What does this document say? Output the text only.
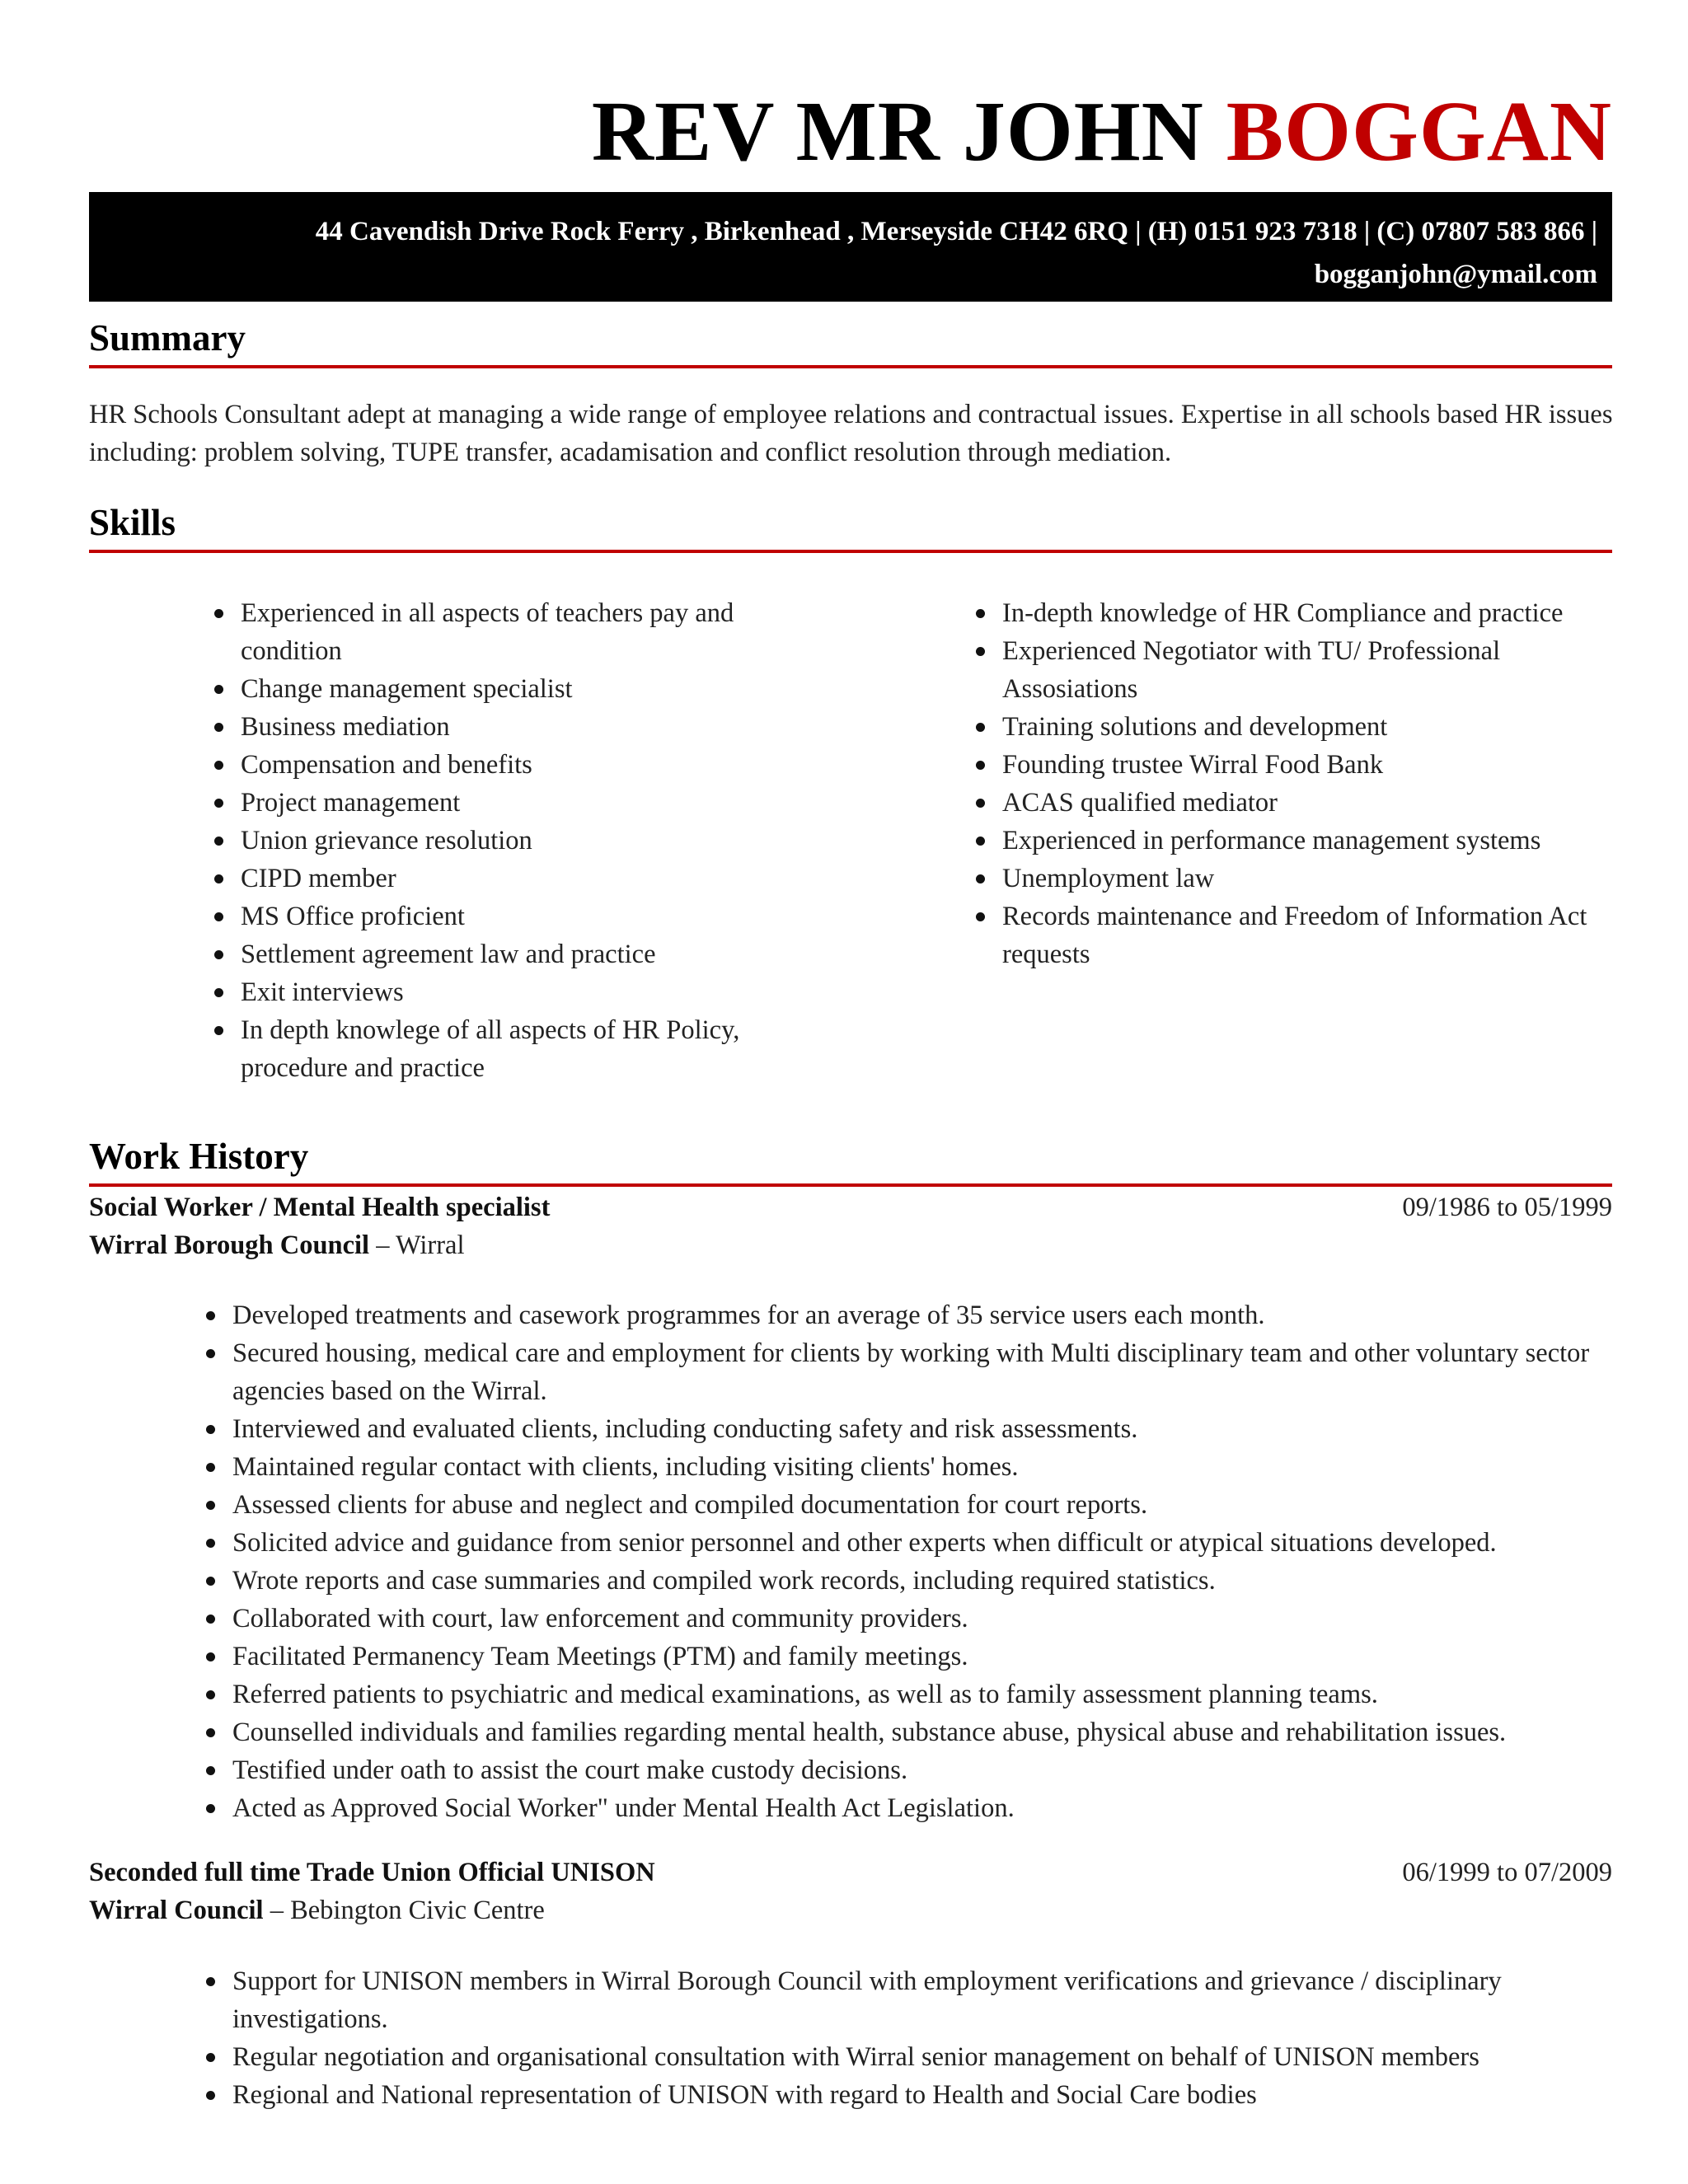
REV MR JOHN BOGGAN
44 Cavendish Drive Rock Ferry , Birkenhead , Merseyside CH42 6RQ | (H) 0151 923 7318 | (C) 07807 583 866 |
bogganjohn@ymail.com
Summary
HR Schools Consultant adept at managing a wide range of employee relations and contractual issues. Expertise in all schools based HR issues including: problem solving, TUPE transfer, acadamisation and conflict resolution through mediation.
Skills
Experienced in all aspects of teachers pay and condition
Change management specialist
Business mediation
Compensation and benefits
Project management
Union grievance resolution
CIPD member
MS Office proficient
Settlement agreement law and practice
Exit interviews
In depth knowlege of all aspects of HR Policy, procedure and practice
In-depth knowledge of HR Compliance and practice
Experienced Negotiator with TU/ Professional Assosiations
Training solutions and development
Founding trustee Wirral Food Bank
ACAS qualified mediator
Experienced in performance management systems
Unemployment law
Records maintenance and Freedom of Information Act requests
Work History
Social Worker / Mental Health specialist	09/1986 to 05/1999
Wirral Borough Council – Wirral
Developed treatments and casework programmes for an average of 35 service users each month.
Secured housing, medical care and employment for clients by working with Multi disciplinary team and other voluntary sector agencies based on the Wirral.
Interviewed and evaluated clients, including conducting safety and risk assessments.
Maintained regular contact with clients, including visiting clients' homes.
Assessed clients for abuse and neglect and compiled documentation for court reports.
Solicited advice and guidance from senior personnel and other experts when difficult or atypical situations developed.
Wrote reports and case summaries and compiled work records, including required statistics.
Collaborated with court, law enforcement and community providers.
Facilitated Permanency Team Meetings (PTM) and family meetings.
Referred patients to psychiatric and medical examinations, as well as to family assessment planning teams.
Counselled individuals and families regarding mental health, substance abuse, physical abuse and rehabilitation issues.
Testified under oath to assist the court make custody decisions.
Acted as Approved Social Worker" under Mental Health Act Legislation.
Seconded full time Trade Union Official UNISON	06/1999 to 07/2009
Wirral Council – Bebington Civic Centre
Support for UNISON members in Wirral Borough Council with employment verifications and grievance / disciplinary investigations.
Regular negotiation and organisational consultation with Wirral senior management on behalf of UNISON members
Regional and National representation of UNISON with regard to Health and Social Care bodies
